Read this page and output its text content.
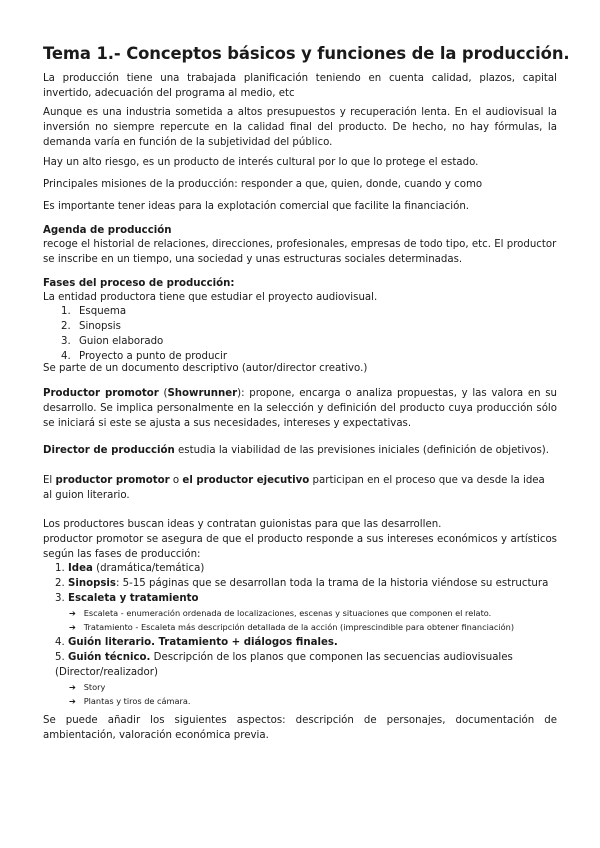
Tema 1.- Conceptos básicos y funciones de la producción.

La producción tiene una trabajada planificación teniendo en cuenta calidad, plazos, capital invertido, adecuación del programa al medio, etc

Aunque es una industria sometida a altos presupuestos y recuperación lenta. En el audiovisual la inversión no siempre repercute en la calidad final del producto. De hecho, no hay fórmulas, la demanda varía en función de la subjetividad del público.

Hay un alto riesgo, es un producto de interés cultural por lo que lo protege el estado.

Principales misiones de la producción: responder a que, quien, donde, cuando y como

Es importante tener ideas para la explotación comercial que facilite la financiación.

Agenda de producción
recoge el historial de relaciones, direcciones, profesionales, empresas de todo tipo, etc. El productor se inscribe en un tiempo, una sociedad y unas estructuras sociales determinadas.
Fases del proceso de producción:
La entidad productora tiene que estudiar el proyecto audiovisual.
1. Esquema
2. Sinopsis
3. Guion elaborado
4. Proyecto a punto de producir
Se parte de un documento descriptivo (autor/director creativo.)

Productor promotor (Showrunner): propone, encarga o analiza propuestas, y las valora en su desarrollo. Se implica personalmente en la selección y definición del producto cuya producción sólo se iniciará si este se ajusta a sus necesidades, intereses y expectativas.

Director de producción estudia la viabilidad de las previsiones iniciales (definición de objetivos).

El productor promotor o el productor ejecutivo participan en el proceso que va desde la idea al guion literario.

Los productores buscan ideas y contratan guionistas para que las desarrollen.
productor promotor se asegura de que el producto responde a sus intereses económicos y artísticos según las fases de producción:
1. Idea (dramática/temática)
2. Sinopsis: 5-15 páginas que se desarrollan toda la trama de la historia viéndose su estructura
3. Escaleta y tratamiento
➔ Escaleta - enumeración ordenada de localizaciones, escenas y situaciones que componen el relato.
➔ Tratamiento - Escaleta más descripción detallada de la acción (imprescindible para obtener financiación)
4. Guión literario. Tratamiento + diálogos finales.
5. Guión técnico. Descripción de los planos que componen las secuencias audiovisuales (Director/realizador)
➔ Story
➔ Plantas y tiros de cámara.

Se puede añadir los siguientes aspectos: descripción de personajes, documentación de ambientación, valoración económica previa.
